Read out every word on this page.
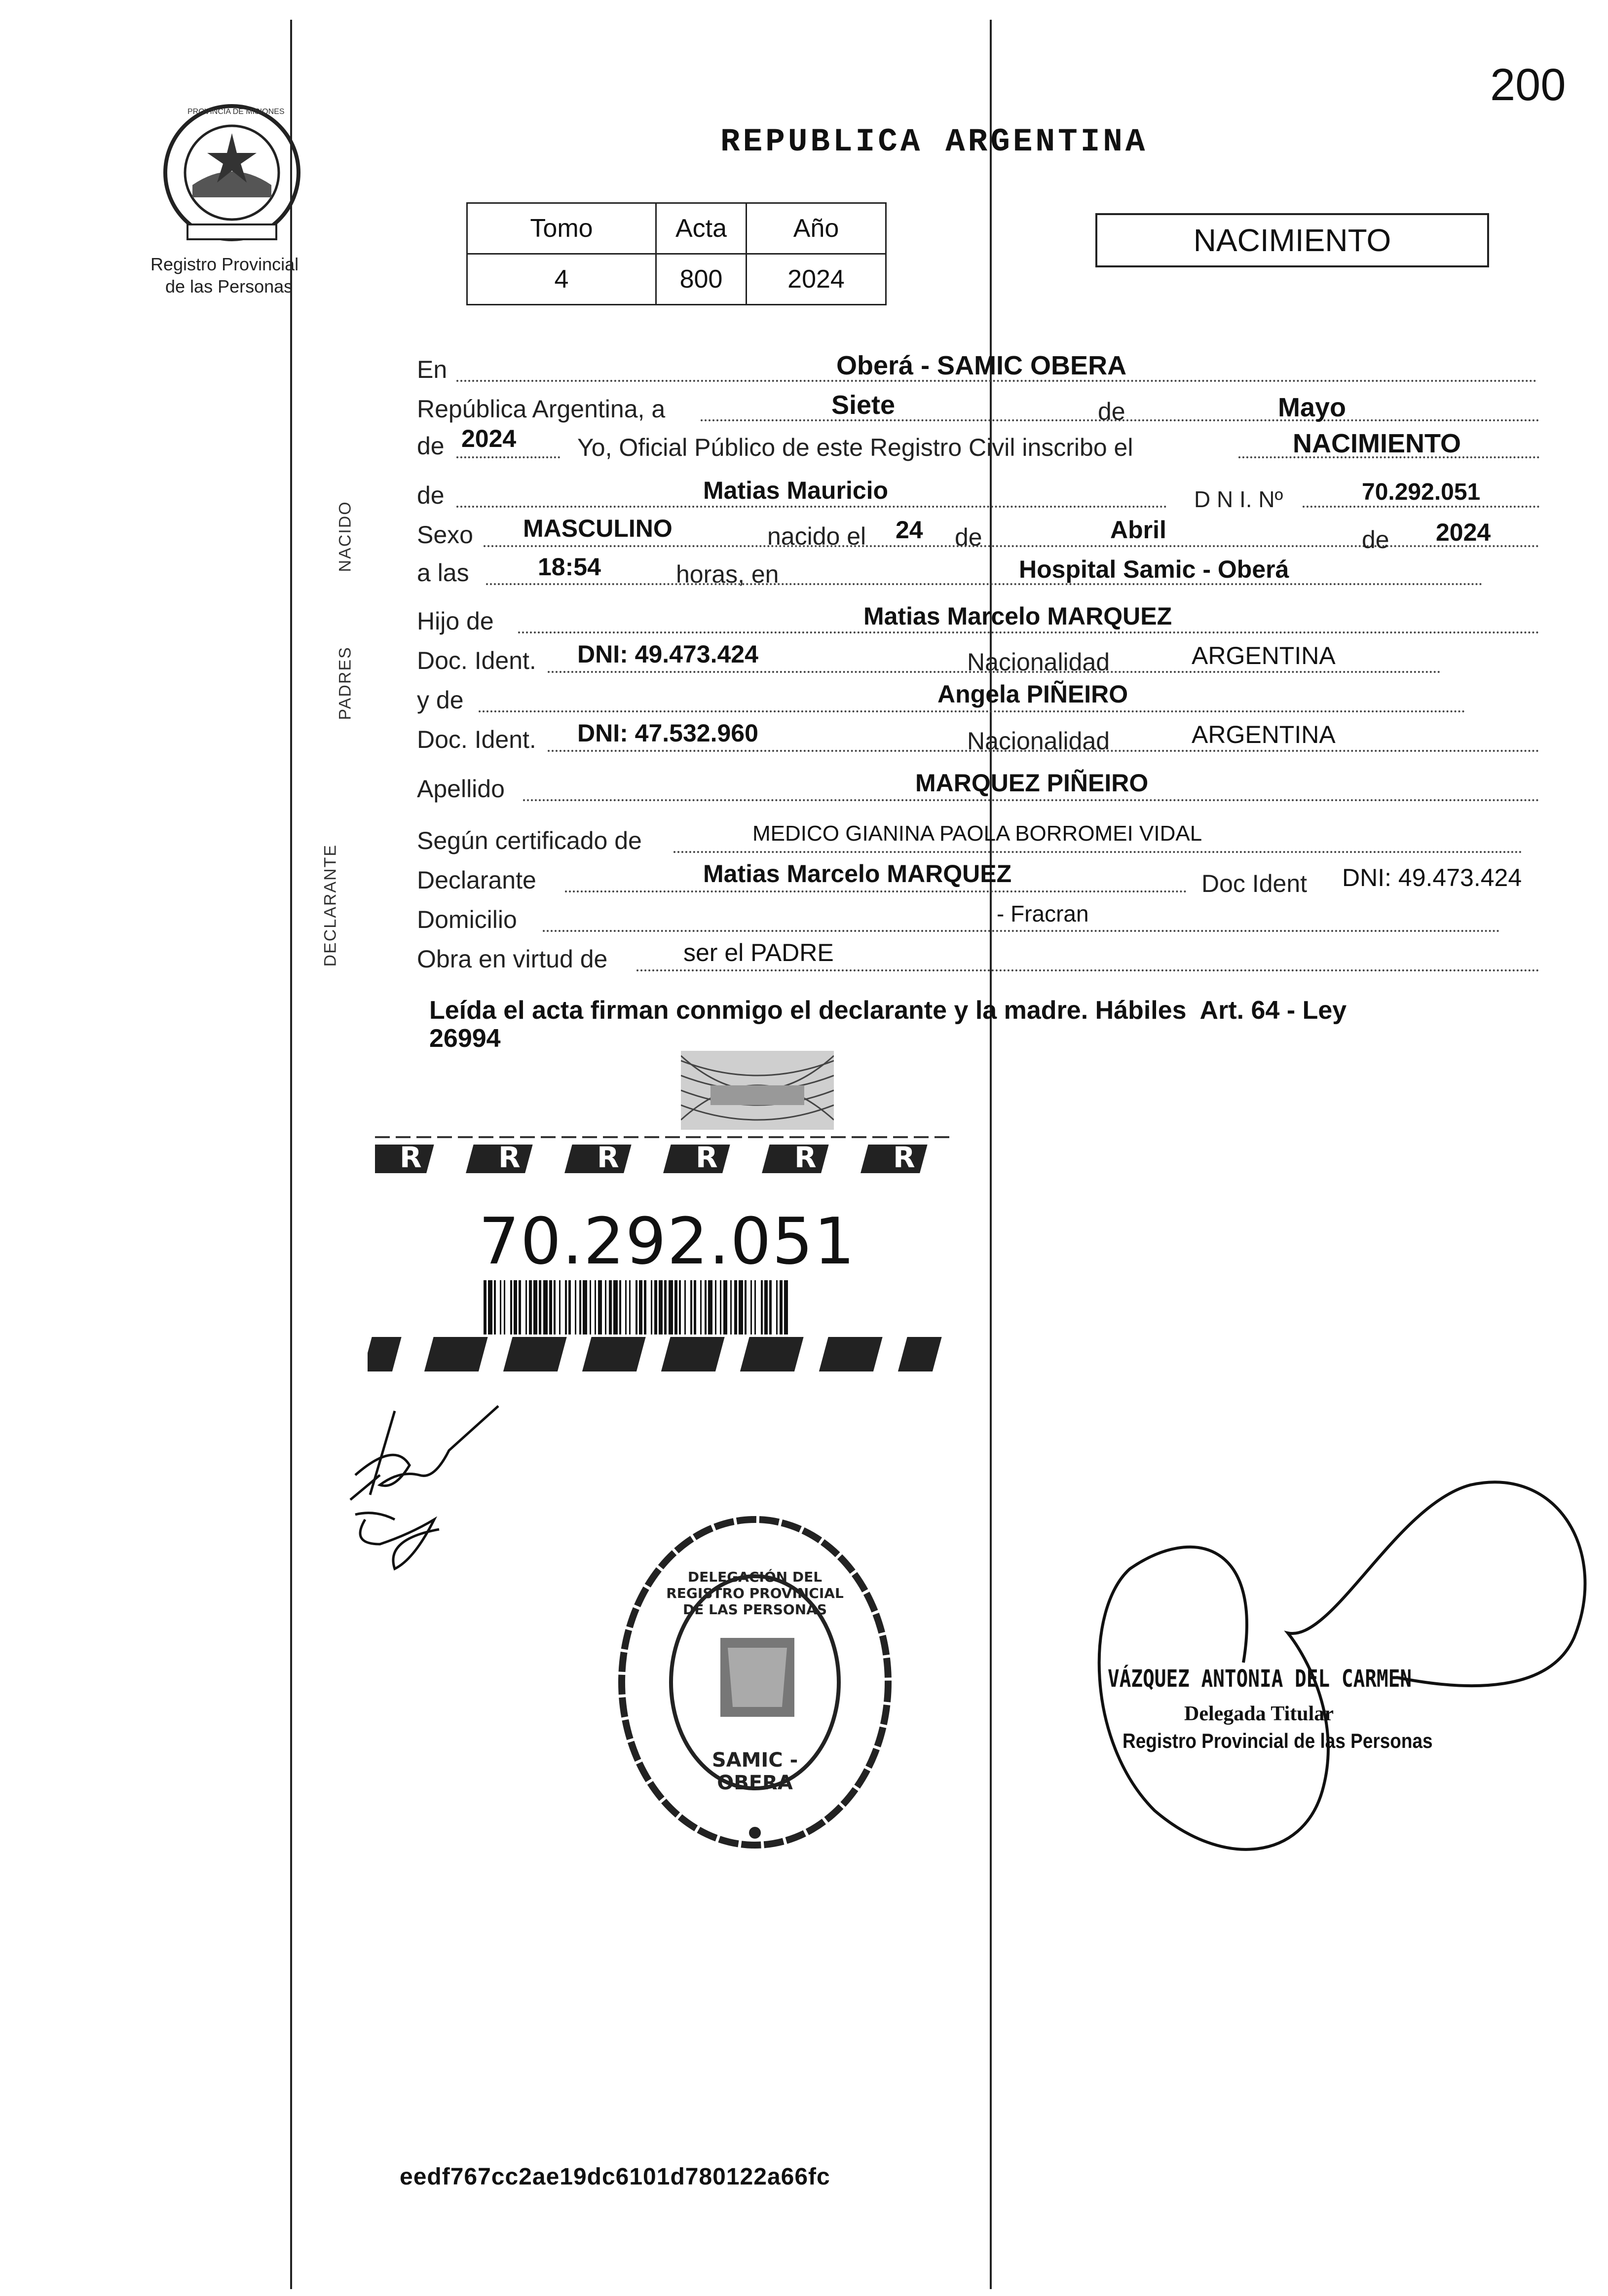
200
PROVINCIA DE MISIONES
Registro Provincial
de las Personas
REPUBLICA ARGENTINA
Tomo	Acta	Año
4	800	2024
NACIMIENTO
NACIDO
PADRES
DECLARANTE
En	Oberá - SAMIC OBERA
República Argentina, a	Siete	de	Mayo
de 2024 Yo, Oficial Público de este Registro Civil inscribo el	NACIMIENTO
de	Matias Mauricio	D N I. Nº	70.292.051
Sexo MASCULINO	nacido el 24 de	Abril	de 2024
a las	18:54	horas, en	Hospital Samic - Oberá
Hijo de	Matias Marcelo MARQUEZ
Doc. Ident. DNI: 49.473.424	Nacionalidad	ARGENTINA
y de	Angela PIÑEIRO
Doc. Ident. DNI: 47.532.960	Nacionalidad	ARGENTINA
Apellido	MARQUEZ PIÑEIRO
Según certificado de	MEDICO GIANINA PAOLA BORROMEI VIDAL
Declarante	Matias Marcelo MARQUEZ	Doc Ident DNI: 49.473.424
Domicilio	- Fracran
Obra en virtud de	ser el PADRE
Leída el acta firman conmigo el declarante y la madre. Hábiles  Art. 64 - Ley
26994
R	R	R	R	R	R
70.292.051
DELEGACIÓN DEL REGISTRO PROVINCIAL DE LAS PERSONAS
SAMIC - OBERA
VÁZQUEZ ANTONIA DEL CARMEN
Delegada Titular
Registro Provincial de las Personas
eedf767cc2ae19dc6101d780122a66fc
